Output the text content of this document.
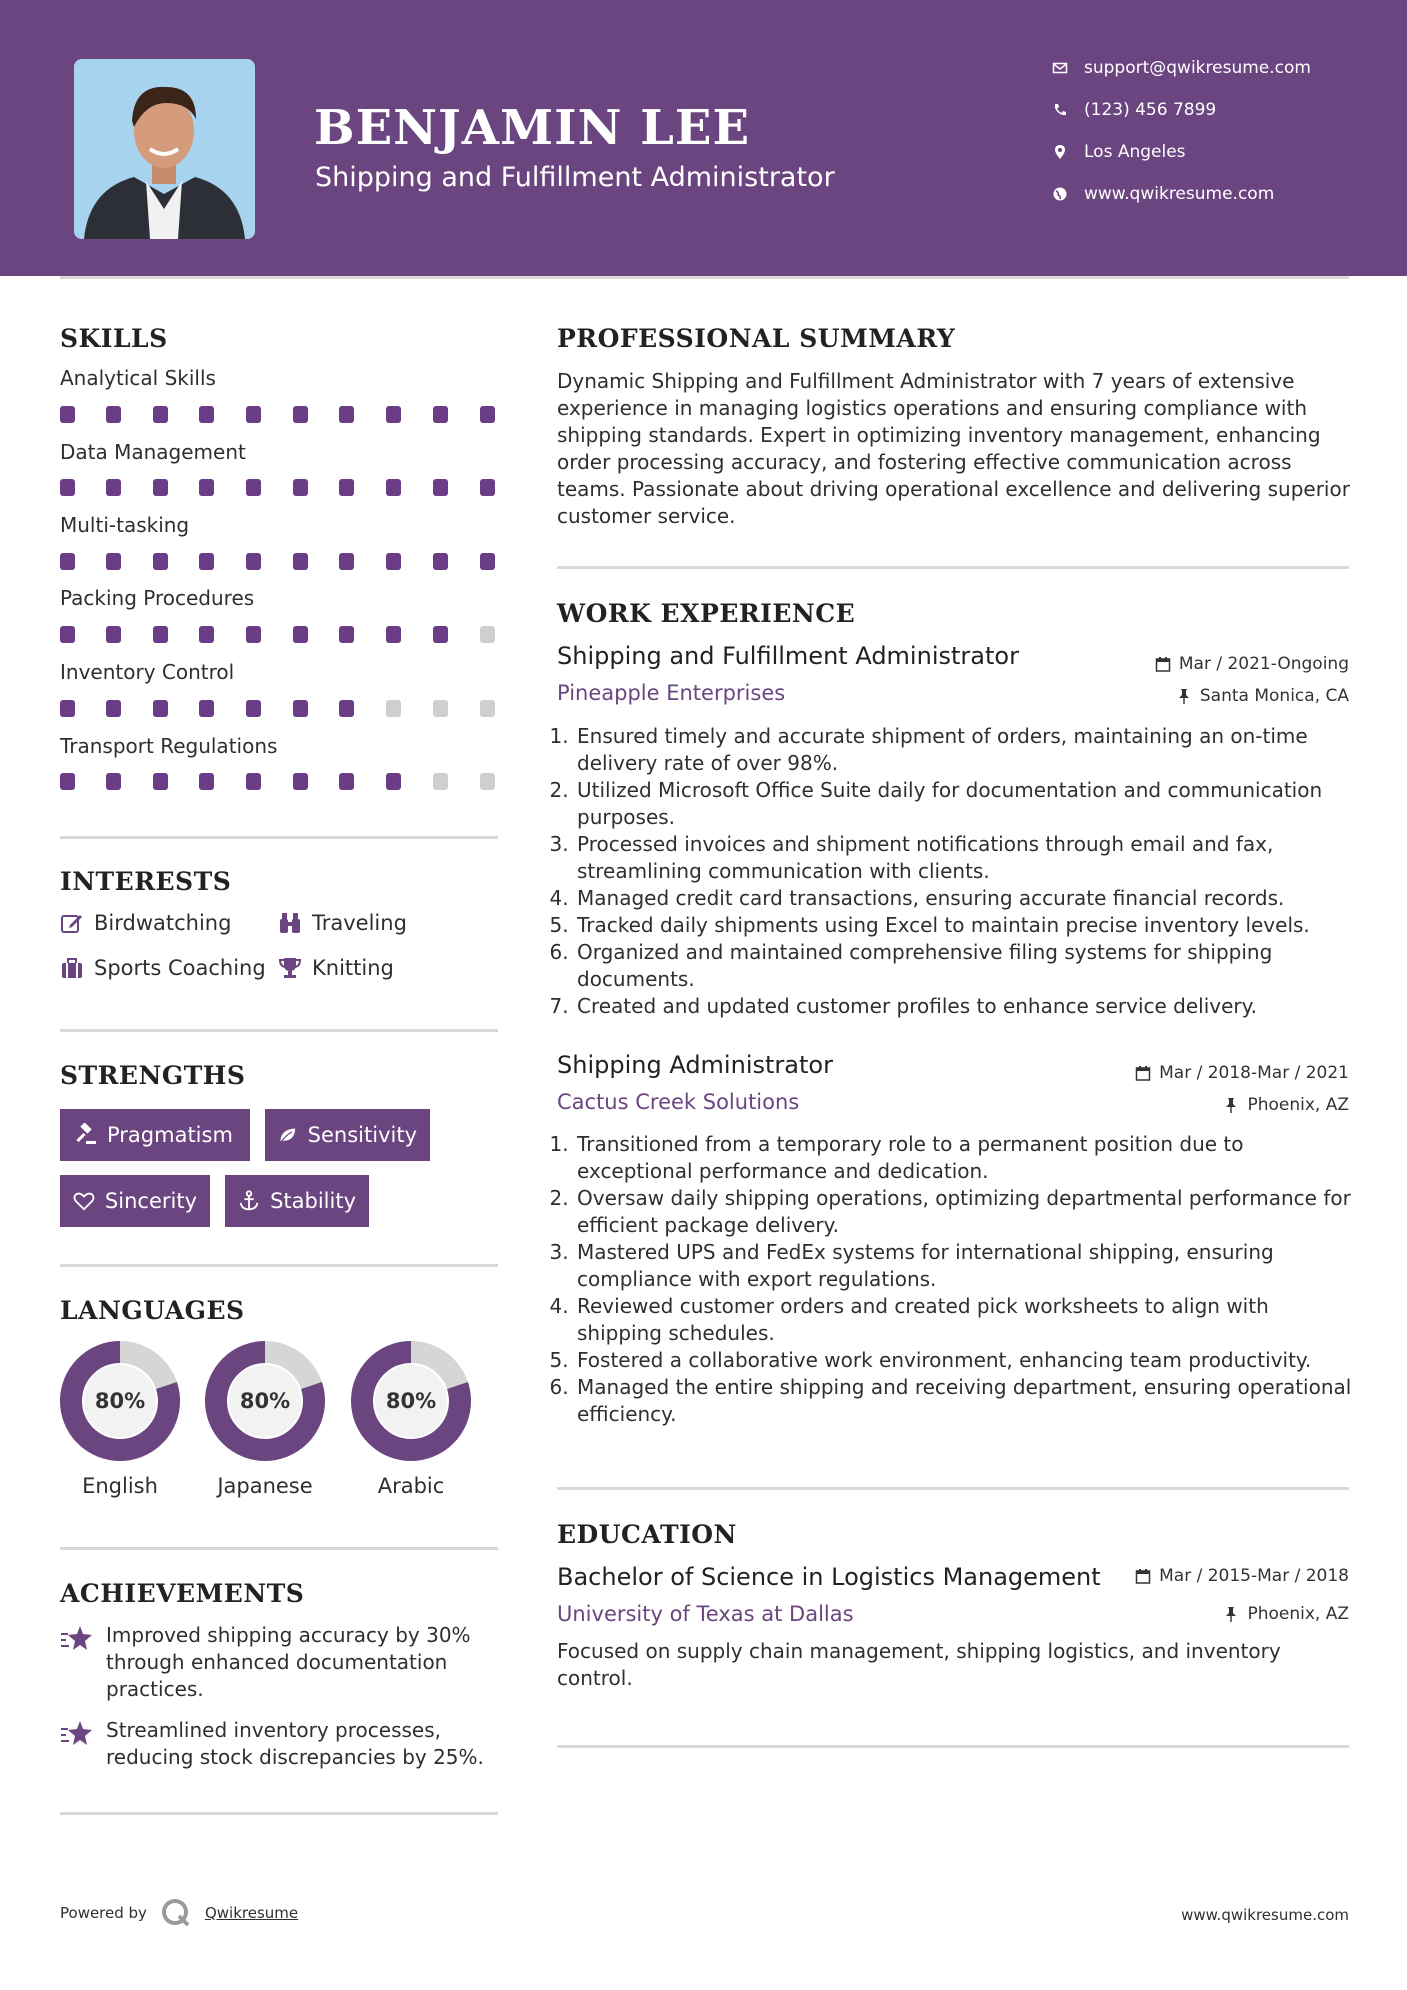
BENJAMIN LEE
Shipping and Fulfillment Administrator
support@qwikresume.com
(123) 456 7899
Los Angeles
www.qwikresume.com
SKILLS
Analytical Skills
Data Management
Multi-tasking
Packing Procedures
Inventory Control
Transport Regulations
INTERESTS
Birdwatching	Traveling
Sports Coaching Knitting
STRENGTHS
Pragmatism	Sensitivity
Sincerity	Stability
LANGUAGES
80%
English
80%
Japanese
80%
Arabic
ACHIEVEMENTS
Improved shipping accuracy by 30% through enhanced documentation practices.
Streamlined inventory processes, reducing stock discrepancies by 25%.
PROFESSIONAL SUMMARY
Dynamic Shipping and Fulfillment Administrator with 7 years of extensive experience in managing logistics operations and ensuring compliance with shipping standards. Expert in optimizing inventory management, enhancing order processing accuracy, and fostering effective communication across teams. Passionate about driving operational excellence and delivering superior customer service.
WORK EXPERIENCE
Shipping and Fulfillment Administrator	Mar / 2021-Ongoing
Pineapple Enterprises	Santa Monica, CA
1. Ensured timely and accurate shipment of orders, maintaining an on-time delivery rate of over 98%.
2. Utilized Microsoft Office Suite daily for documentation and communication purposes.
3. Processed invoices and shipment notifications through email and fax, streamlining communication with clients.
4. Managed credit card transactions, ensuring accurate financial records.
5. Tracked daily shipments using Excel to maintain precise inventory levels.
6. Organized and maintained comprehensive filing systems for shipping documents.
7. Created and updated customer profiles to enhance service delivery.
Shipping Administrator	Mar / 2018-Mar / 2021
Cactus Creek Solutions	Phoenix, AZ
1. Transitioned from a temporary role to a permanent position due to exceptional performance and dedication.
2. Oversaw daily shipping operations, optimizing departmental performance for efficient package delivery.
3. Mastered UPS and FedEx systems for international shipping, ensuring compliance with export regulations.
4. Reviewed customer orders and created pick worksheets to align with shipping schedules.
5. Fostered a collaborative work environment, enhancing team productivity.
6. Managed the entire shipping and receiving department, ensuring operational efficiency.
EDUCATION
Bachelor of Science in Logistics Management	Mar / 2015-Mar / 2018
University of Texas at Dallas	Phoenix, AZ
Focused on supply chain management, shipping logistics, and inventory control.
Powered by	Qwikresume	www.qwikresume.com
